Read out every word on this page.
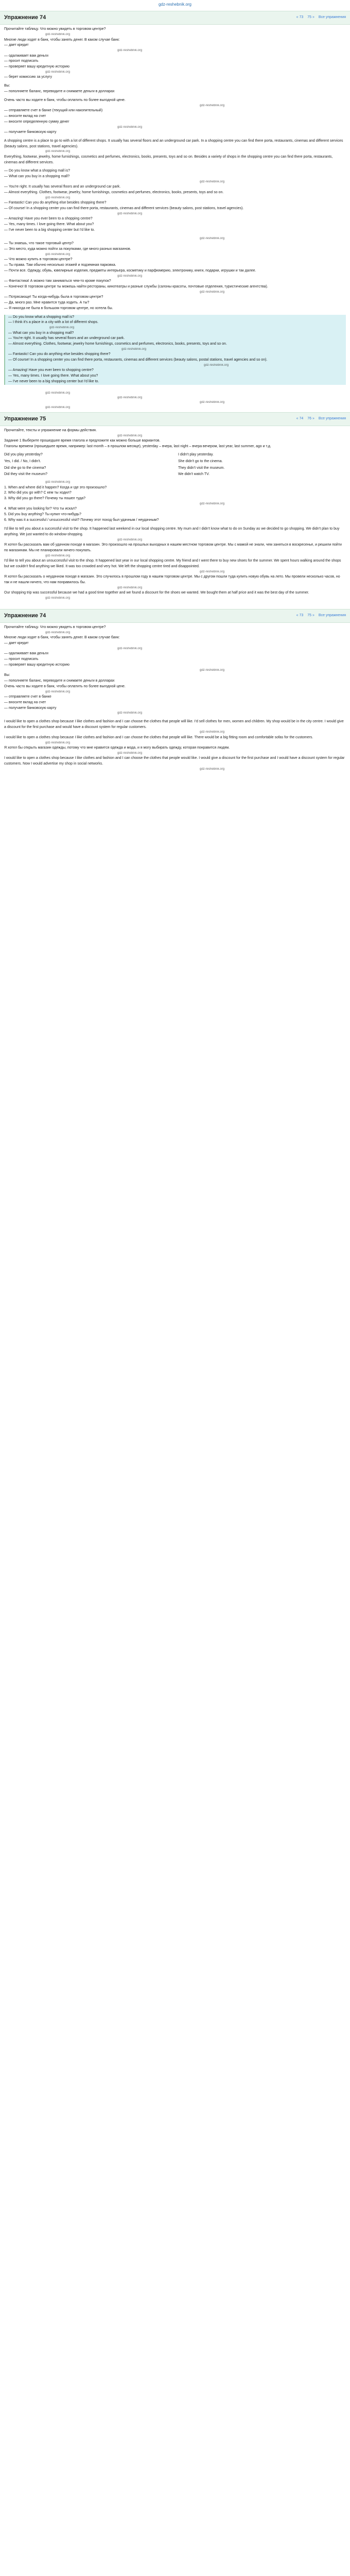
gdz-reshebnik.org
Упражнение 74	« 73 75 » Все упражнения

Прочитайте таблицу. Что можно увидеть в торговом центре?

gdz-reshebnik.org

Многие люди ходят в банк, чтобы занять денег. В каком случае банк:

— дает кредит

gdz-reshebnik.org

— одалживает вам деньги

— просит подписать

— проверяет вашу кредитную историю

gdz-reshebnik.org

— берет комиссию за услугу

Вы:

— пополняете баланс, переводите и снимаете деньги в долларах

Очень часто вы ходите в банк, чтобы оплатить по более выгодной цене.

gdz-reshebnik.org

— отправляете счет в банке (текущий или накопительный)

— вносите вклад на счет

— вносите определенную сумму денег

gdz-reshebnik.org

— получаете банковскую карту

A shopping centre is a place to go to with a lot of different shops. It usually has several floors and an underground car park. In a shopping centre you can find there porta, restaurants, cinemas and different services (beauty salons, post stations, travel agencies).

gdz-reshebnik.org

Everything, footwear, jewelry, home furnishings, cosmetics and perfumes, electronics, books, presents, toys and so on. Besides a variety of shops in the shopping centre you can find there porta, restaurants, cinemas and different services.

— Do you know what a shopping mall is?

— What can you buy in a shopping mall?

gdz-reshebnik.org

— You're right. It usually has several floors and an underground car park.

— Almost everything. Clothes, footwear, jewelry, home furnishings, cosmetics and perfumes, electronics, books, presents, toys and so on.

gdz-reshebnik.org

— Fantastic! Can you do anything else besides shopping there?

— Of course! In a shopping center you can find there porta, restaurants, cinemas and different services (beauty salons, post stations, travel agencies).

gdz-reshebnik.org

— Amazing! Have you ever been to a shopping centre?

— Yes, many times. I love going there. What about you?

— I've never been to a big shopping center but I'd like to.

gdz-reshebnik.org

— Ты знаешь, что такое торговый центр?

— Это место, куда можно пойти за покупками, где много разных магазинов.

gdz-reshebnik.org

— Что можно купить в торговом центре?

— Ты права. Там обычно несколько этажей и подземная парковка.

— Почти все. Одежду, обувь, ювелирные изделия, предметы интерьера, косметику и парфюмерию, электронику, книги, подарки, игрушки и так далее.

gdz-reshebnik.org

— Фантастика! А можно там заниматься чем-то кроме покупок?

— Конечно! В торговом центре ты можешь найти рестораны, кинотеатры и разные службы (салоны красоты, почтовые отделения, туристические агентства).

gdz-reshebnik.org

— Потрясающе! Ты когда-нибудь была в торговом центре?

— Да, много раз. Мне нравится туда ходить. А ты?

— Я никогда не была в большом торговом центре, но хотела бы.

— Do you know what a shopping mall is?

— I think it's a place in a city with a lot of different shops.

gdz-reshebnik.org

— What can you buy in a shopping mall?

— You're right. It usually has several floors and an underground car park.

— Almost everything. Clothes, footwear, jewelry home furnishings, cosmetics and perfumes, electronics, books, presents, toys and so on.

gdz-reshebnik.org

— Fantastic! Can you do anything else besides shopping there?

— Of course! In a shopping center you can find there porta, restaurants, cinemas and different services (beauty salons, postal stations, travel agencies and so on).

gdz-reshebnik.org

— Amazing! Have you ever been to shopping centre?

— Yes, many times. I love going there. What about you?

— I've never been to a big shopping center but I'd like to.

gdz-reshebnik.org

gdz-reshebnik.org

gdz-reshebnik.org

gdz-reshebnik.org

Упражнение 75	« 74 76 » Все упражнения

Прочитайте, тексты и упражнение на формы действия.

gdz-reshebnik.org

Задание 1 Выберите прошедшее время глагола и предложите как можно больше вариантов.

Глаголы времени (прошедшее время, например: last month – в прошлом месяце), yesterday – вчера, last night – вчера вечером, last year, last summer, ago и т.д.

Did you play yesterday?	I didn't play yesterday.
Yes, I did. / No, I didn't.	She didn't go to the cinema.
Did she go to the cinema?	They didn't visit the museum.
Did they visit the museum?	We didn't watch TV.

gdz-reshebnik.org

1. When and where did it happen? Когда и где это произошло?

2. Who did you go with? С кем ты ходил?

3. Why did you go there? Почему ты пошел туда?

gdz-reshebnik.org

4. What were you looking for? Что ты искал?

5. Did you buy anything? Ты купил что-нибудь?

6. Why was it a successful / unsuccessful visit? Почему этот поход был удачным / неудачным?

I'd like to tell you about a successful visit to the shop. It happened last weekend in our local shopping centre. My mum and I didn't know what to do on Sunday as we decided to go shopping. We didn't plan to buy anything. We just wanted to do window-shopping.

gdz-reshebnik.org

Я хотел бы рассказать вам об удачном походе в магазин. Это произошло на прошлых выходных в нашем местном торговом центре. Мы с мамой не знали, чем заняться в воскресенье, и решили пойти по магазинам. Мы не планировали ничего покупать.

gdz-reshebnik.org

I'd like to tell you about an unsuccessful visit to the shop. It happened last year in our local shopping centre. My friend and I went there to buy new shoes for the summer. We spent hours walking around the shops but we couldn't find anything we liked. It was too crowded and very hot. We left the shopping centre tired and disappointed.

gdz-reshebnik.org

Я хотел бы рассказать о неудачном походе в магазин. Это случилось в прошлом году в нашем торговом центре. Мы с другом пошли туда купить новую обувь на лето. Мы провели несколько часов, но так и не нашли ничего, что нам понравилось бы.

gdz-reshebnik.org

Our shopping trip was successful because we had a good time together and we found a discount for the shoes we wanted. We bought them at half price and it was the best day of the summer.

gdz-reshebnik.org

Упражнение 74	« 73 75 » Все упражнения

Прочитайте таблицу. Что можно увидеть в торговом центре?

gdz-reshebnik.org

Многие люди ходят в банк, чтобы занять денег. В каком случае банк:

— дает кредит

gdz-reshebnik.org

— одалживает вам деньги

— просит подписать

— проверяет вашу кредитную историю

gdz-reshebnik.org

Вы:

— пополняете баланс, переводите и снимаете деньги в долларах

Очень часто вы ходите в банк, чтобы оплатить по более выгодной цене.

gdz-reshebnik.org

— отправляете счет в банке

— вносите вклад на счет

— получаете банковскую карту

gdz-reshebnik.org

I would like to open a clothes shop because I like clothes and fashion and I can choose the clothes that people will like. I'd sell clothes for men, women and children. My shop would be in the city centre. I would give a discount for the first purchase and would have a discount system for regular customers.

gdz-reshebnik.org

I would like to open a clothes shop because I like clothes and fashion and I can choose the clothes that people will like. There would be a big fitting room and comfortable sofas for the customers.

gdz-reshebnik.org

Я хотел бы открыть магазин одежды, потому что мне нравится одежда и мода, и я могу выбирать одежду, которая понравится людям.

gdz-reshebnik.org

I would like to open a clothes shop because I like clothes and fashion and I can choose the clothes that people would like. I would give a discount for the first purchase and I would have a discount system for regular customers. Now I would advertise my shop in social networks.

gdz-reshebnik.org
